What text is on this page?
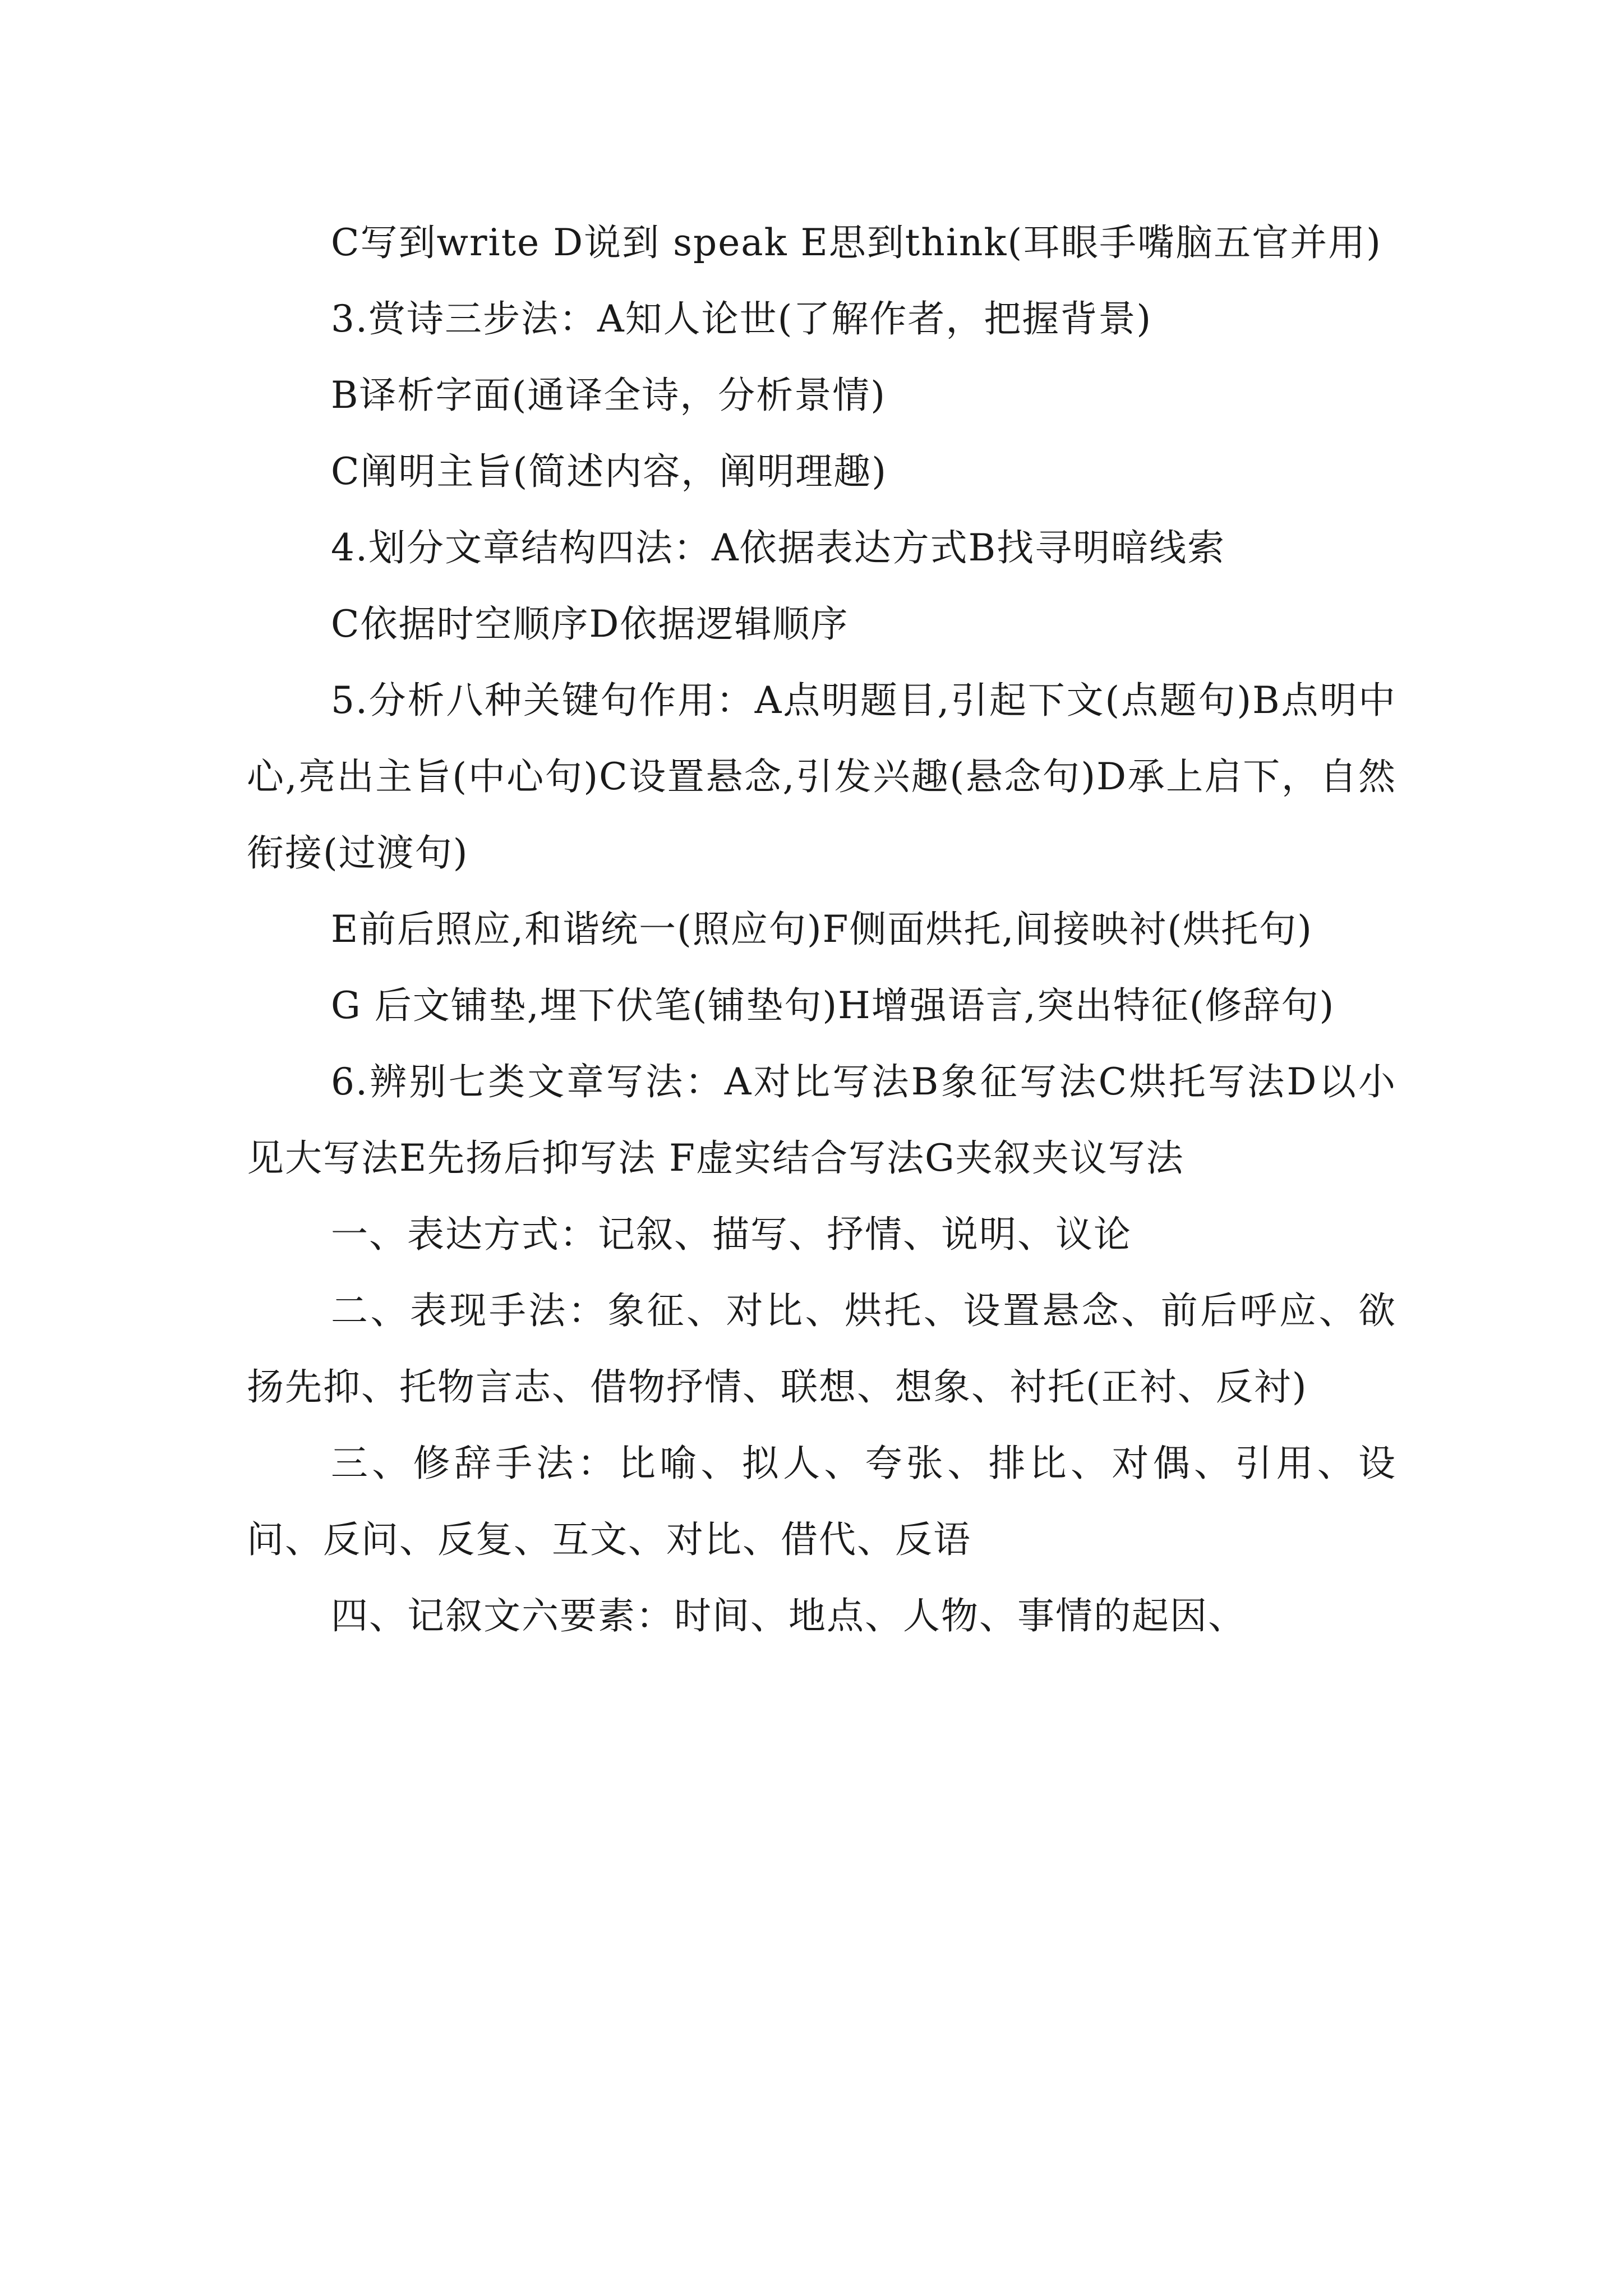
C写到write D说到 speak E思到think(耳眼手嘴脑五官并用)

3.赏诗三步法：A知人论世(了解作者，把握背景)

B译析字面(通译全诗，分析景情)

C阐明主旨(简述内容，阐明理趣)

4.划分文章结构四法：A依据表达方式B找寻明暗线索

C依据时空顺序D依据逻辑顺序

5.分析八种关键句作用：A点明题目,引起下文(点题句)B点明中心,亮出主旨(中心句)C设置悬念,引发兴趣(悬念句)D承上启下，自然衔接(过渡句)

E前后照应,和谐统一(照应句)F侧面烘托,间接映衬(烘托句)

G 后文铺垫,埋下伏笔(铺垫句)H增强语言,突出特征(修辞句)

6.辨别七类文章写法：A对比写法B象征写法C烘托写法D以小见大写法E先扬后抑写法 F虚实结合写法G夹叙夹议写法

一、表达方式：记叙、描写、抒情、说明、议论

二、表现手法：象征、对比、烘托、设置悬念、前后呼应、欲扬先抑、托物言志、借物抒情、联想、想象、衬托(正衬、反衬)

三、修辞手法：比喻、拟人、夸张、排比、对偶、引用、设问、反问、反复、互文、对比、借代、反语

四、记叙文六要素：时间、地点、人物、事情的起因、
